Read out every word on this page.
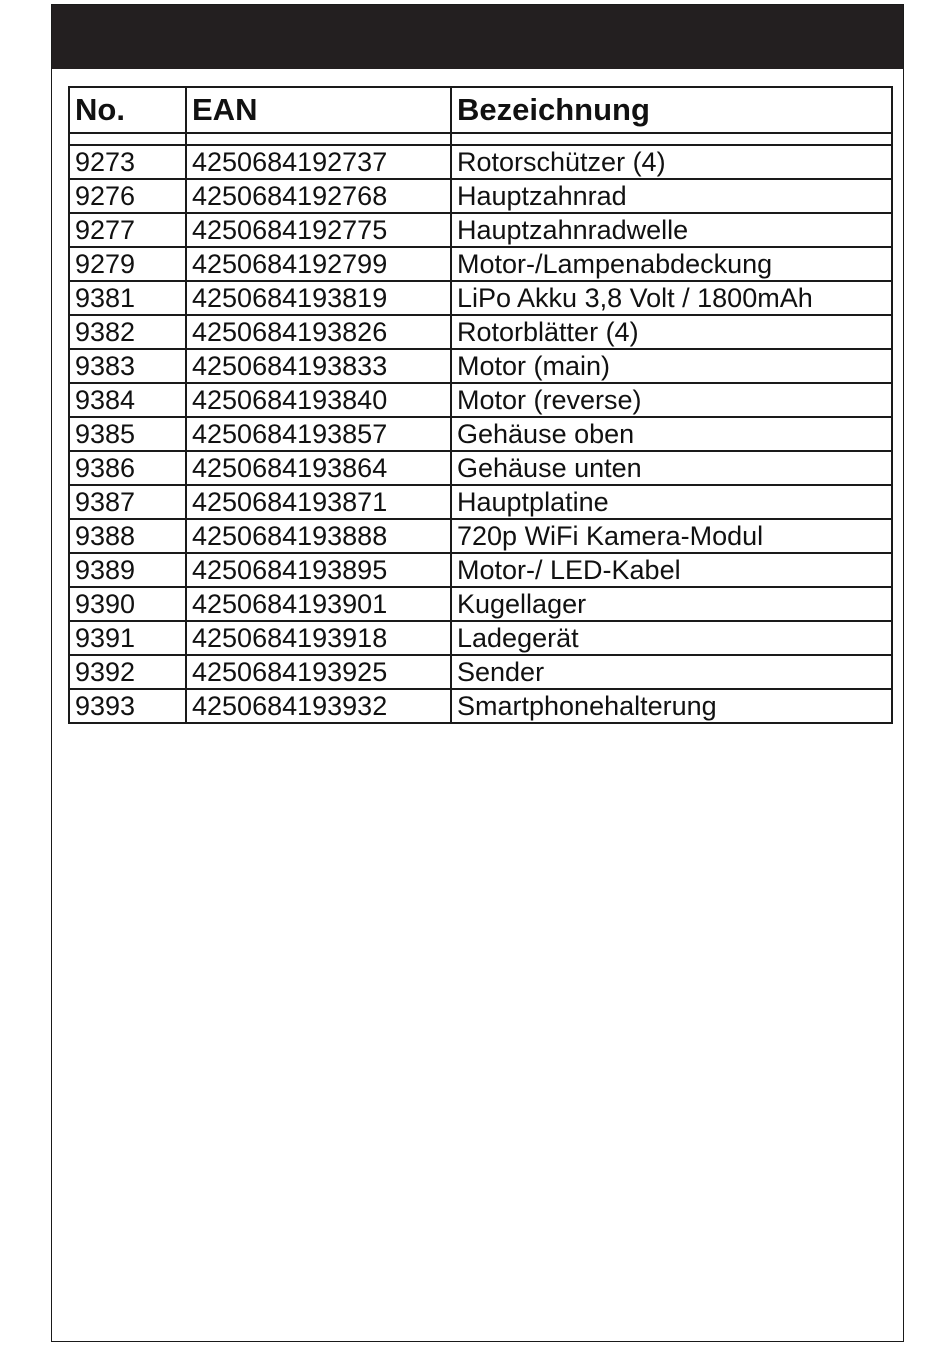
No.	EAN	Bezeichnung

9273	4250684192737	Rotorschützer (4)
9276	4250684192768	Hauptzahnrad
9277	4250684192775	Hauptzahnradwelle
9279	4250684192799	Motor-/Lampenabdeckung
9381	4250684193819	LiPo Akku 3,8 Volt / 1800mAh
9382	4250684193826	Rotorblätter (4)
9383	4250684193833	Motor (main)
9384	4250684193840	Motor (reverse)
9385	4250684193857	Gehäuse oben
9386	4250684193864	Gehäuse unten
9387	4250684193871	Hauptplatine
9388	4250684193888	720p WiFi Kamera-Modul
9389	4250684193895	Motor-/ LED-Kabel
9390	4250684193901	Kugellager
9391	4250684193918	Ladegerät
9392	4250684193925	Sender
9393	4250684193932	Smartphonehalterung
